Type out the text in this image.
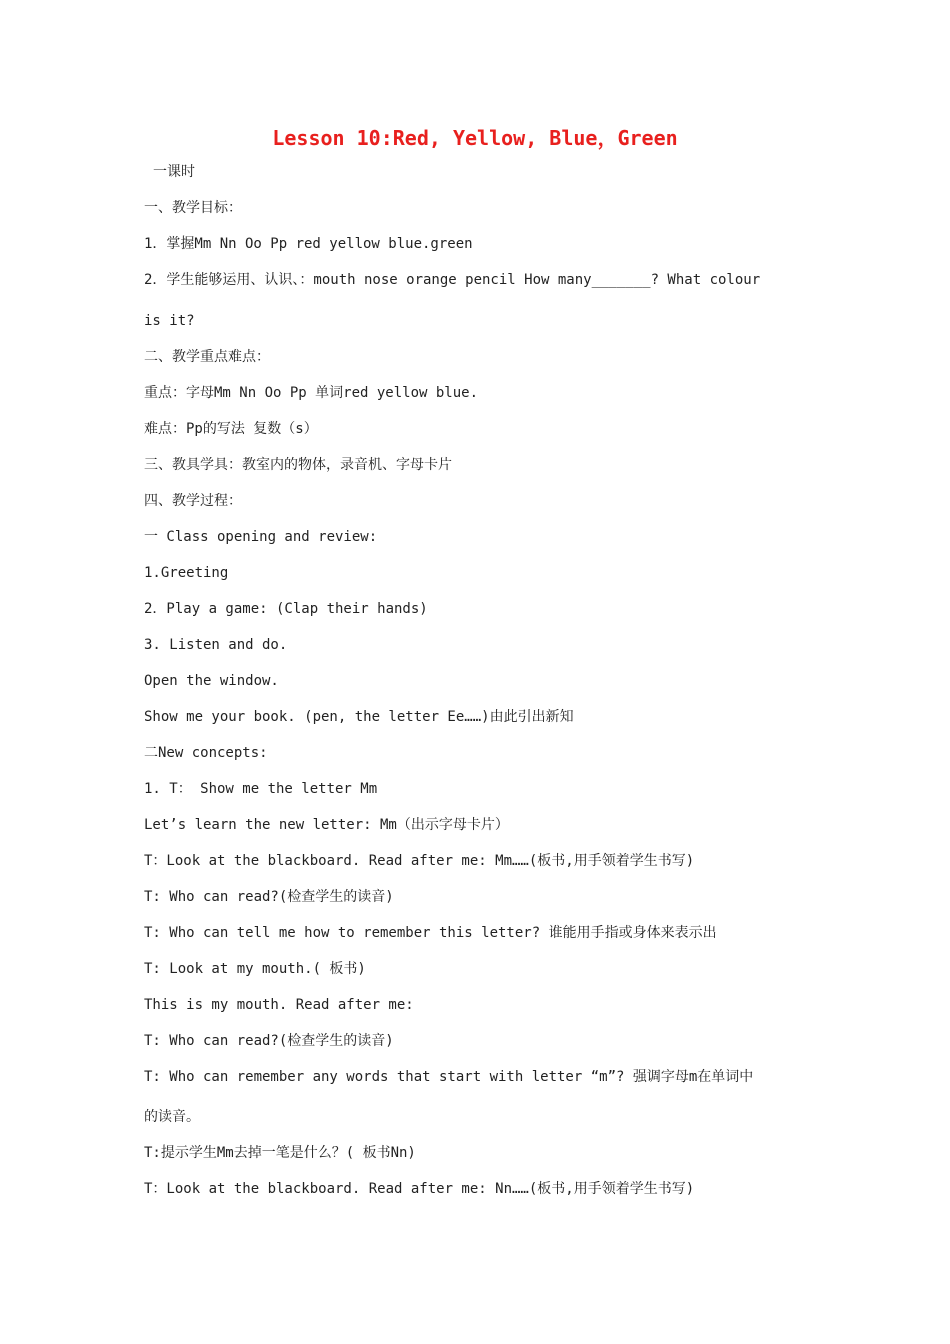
Lesson 10:Red, Yellow, Blue，Green
一课时
一、教学目标：
1．掌握Mm Nn Oo Pp red yellow blue.green
2．学生能够运用、认识、：mouth nose orange pencil How many_______? What colour
is it?
二、教学重点难点：
重点：字母Mm Nn Oo Pp 单词red yellow blue.
难点：Pp的写法 复数（s）
三、教具学具：教室内的物体，录音机、字母卡片
四、教学过程：
一 Class opening and review:
1.Greeting
2．Play a game: (Clap their hands)
3. Listen and do.
Open the window.
Show me your book. (pen, the letter Ee……)由此引出新知
二New concepts:
1. T： Show me the letter Mm
Let’s learn the new letter: Mm（出示字母卡片）
T：Look at the blackboard. Read after me: Mm……(板书,用手领着学生书写)
T: Who can read?(检查学生的读音)
T: Who can tell me how to remember this letter? 谁能用手指或身体来表示出
T: Look at my mouth.( 板书)
This is my mouth. Read after me:
T: Who can read?(检查学生的读音)
T: Who can remember any words that start with letter “m”? 强调字母m在单词中
的读音。
T:提示学生Mm去掉一笔是什么？( 板书Nn)
T：Look at the blackboard. Read after me: Nn……(板书,用手领着学生书写)
